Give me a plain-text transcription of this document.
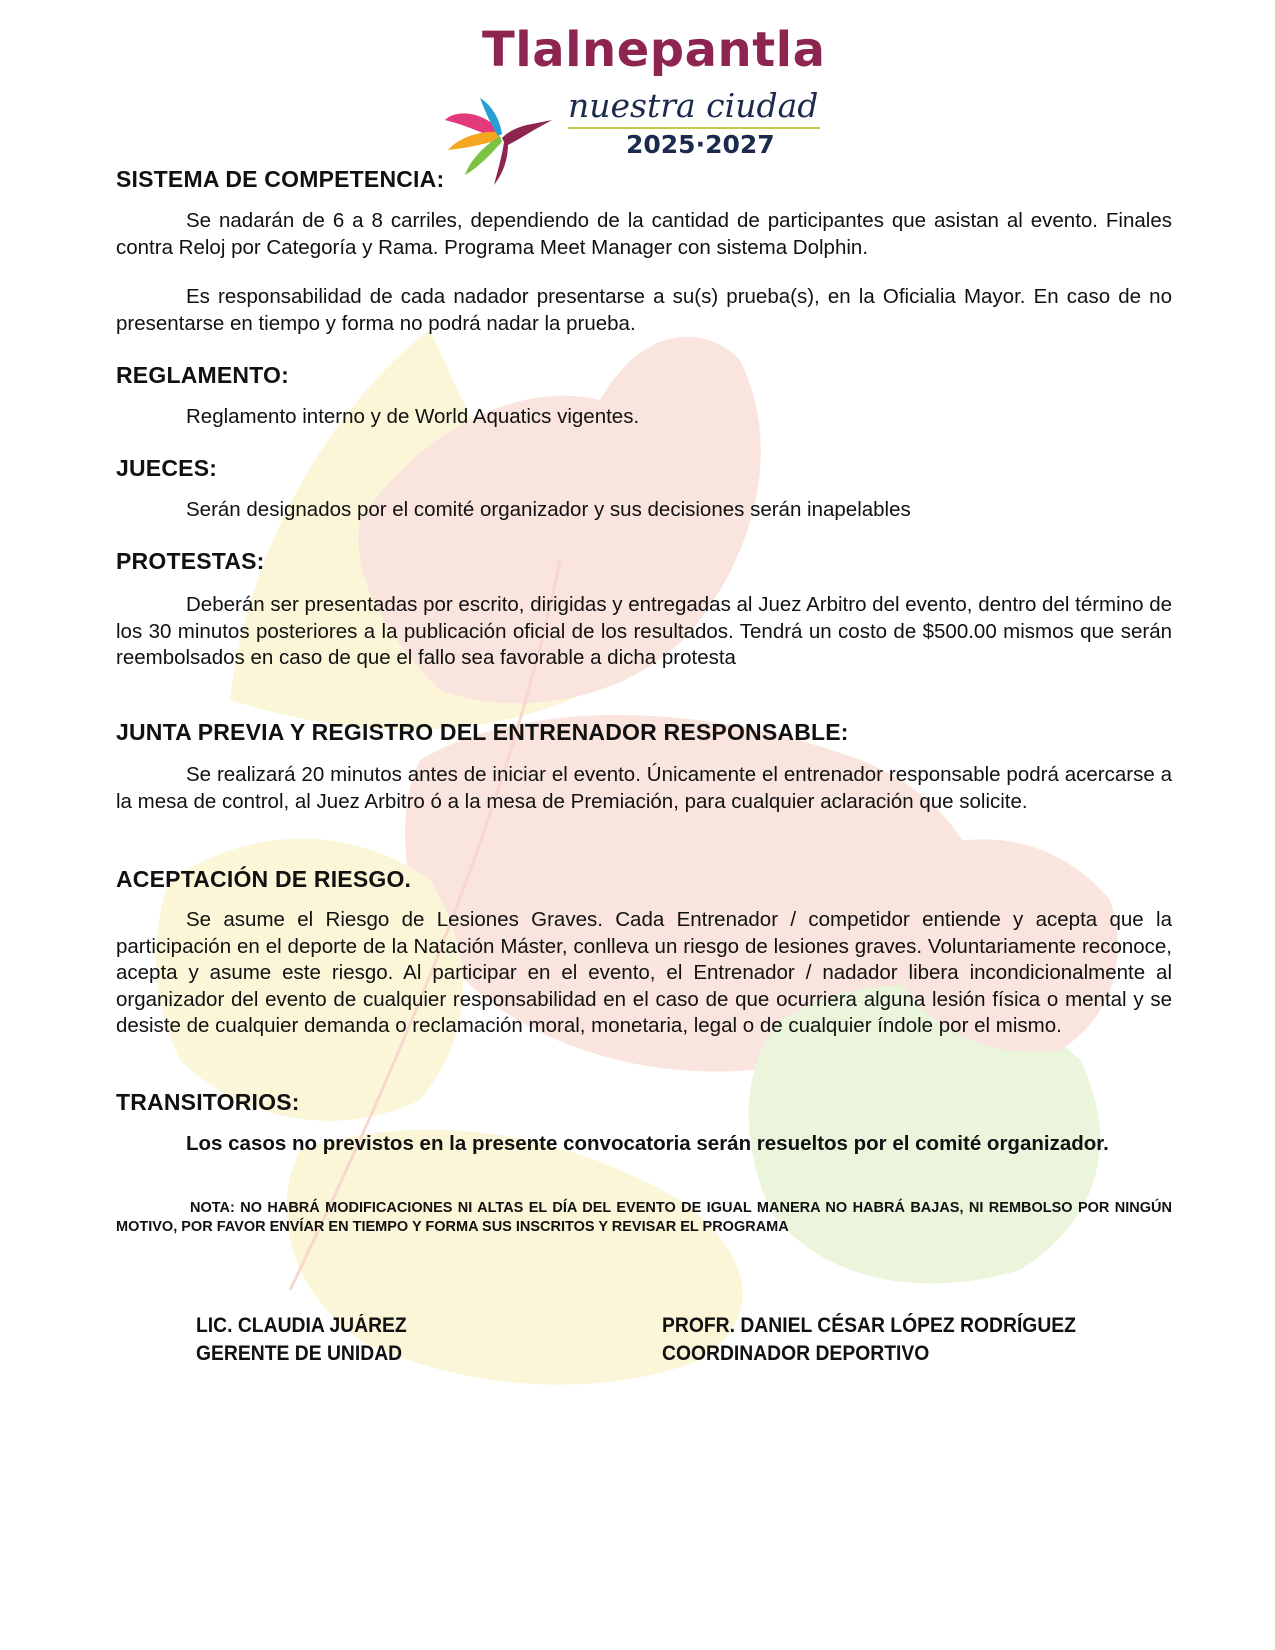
Tlalnepantla
nuestra ciudad
2025·2027
SISTEMA DE COMPETENCIA:

Se nadarán de 6 a 8 carriles, dependiendo de la cantidad de participantes que asistan al evento. Finales contra Reloj por Categoría y Rama. Programa Meet Manager con sistema Dolphin.

Es responsabilidad de cada nadador presentarse a su(s) prueba(s), en la Oficialia Mayor. En caso de no presentarse en tiempo y forma no podrá nadar la prueba.

REGLAMENTO:

Reglamento interno y de World Aquatics vigentes.

JUECES:

Serán designados por el comité organizador y sus decisiones serán inapelables

PROTESTAS:

Deberán ser presentadas por escrito, dirigidas y entregadas al Juez Arbitro del evento, dentro del término de los 30 minutos posteriores a la publicación oficial de los resultados. Tendrá un costo de $500.00 mismos que serán reembolsados en caso de que el fallo sea favorable a dicha protesta

JUNTA PREVIA Y REGISTRO DEL ENTRENADOR RESPONSABLE:

Se realizará 20 minutos antes de iniciar el evento. Únicamente el entrenador responsable podrá acercarse a la mesa de control, al Juez Arbitro ó a la mesa de Premiación, para cualquier aclaración que solicite.

ACEPTACIÓN DE RIESGO.

Se asume el Riesgo de Lesiones Graves. Cada Entrenador / competidor entiende y acepta que la participación en el deporte de la Natación Máster, conlleva un riesgo de lesiones graves. Voluntariamente reconoce, acepta y asume este riesgo. Al participar en el evento, el Entrenador / nadador libera incondicionalmente al organizador del evento de cualquier responsabilidad en el caso de que ocurriera alguna lesión física o mental y se desiste de cualquier demanda o reclamación moral, monetaria, legal o de cualquier índole por el mismo.

TRANSITORIOS:

Los casos no previstos en la presente convocatoria serán resueltos por el comité organizador.

NOTA: NO HABRÁ MODIFICACIONES NI ALTAS EL DÍA DEL EVENTO DE IGUAL MANERA NO HABRÁ BAJAS, NI REMBOLSO POR NINGÚN MOTIVO, POR FAVOR ENVÍAR EN TIEMPO Y FORMA SUS INSCRITOS Y REVISAR EL PROGRAMA

LIC. CLAUDIA JUÁREZ
GERENTE DE UNIDAD
PROFR. DANIEL CÉSAR LÓPEZ RODRÍGUEZ
COORDINADOR DEPORTIVO
